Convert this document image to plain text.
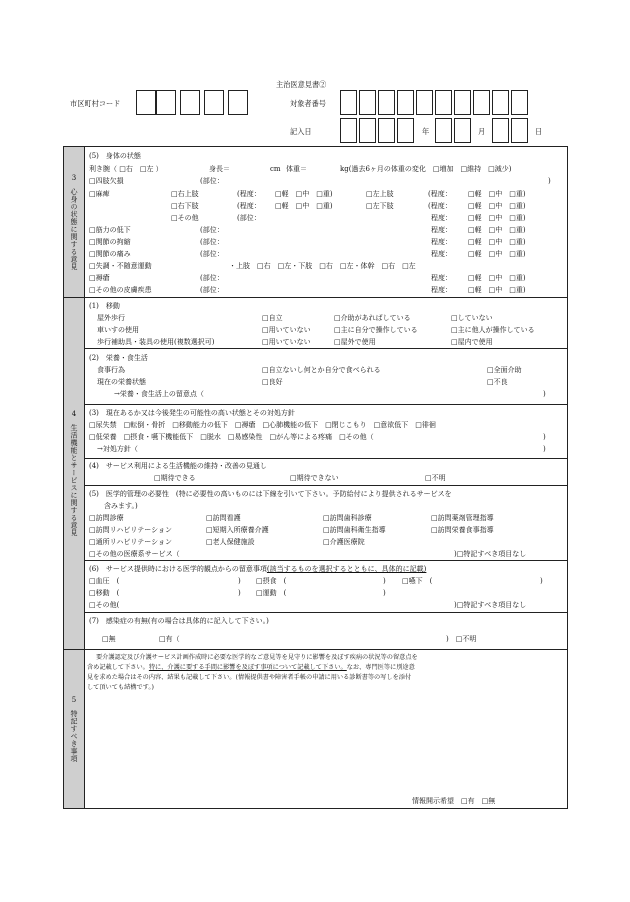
主治医意見書②
市区町村コード	対象者番号
記入日	年	月	日
3
心身の状態に関する意見
4
生活機能とサービスに関する意見
5
特記すべき事項
(5)　身体の状態
利き腕（ □右　□左 ）	身長＝	cm 体重＝	kg(過去6ヶ月の体重の変化　□増加　□維持　□減少)
□四肢欠損	(部位：	)
□麻痺	□右上肢	(程度： □軽　□中　□重)	□左上肢	(程度： □軽　□中　□重)
□右下肢	(程度： □軽　□中　□重)	□左下肢	(程度： □軽　□中　□重)
□その他	(部位：	程度： □軽　□中　□重)
□筋力の低下	(部位：	程度： □軽　□中　□重)
□関節の拘縮	(部位：	程度： □軽　□中　□重)
□関節の痛み	(部位：	程度： □軽　□中　□重)
□失調・不随意運動	・上肢　□右　□左・下肢　□右　□左・体幹　□右　□左
□褥瘡	(部位：	程度： □軽　□中　□重)
□その他の皮膚疾患	(部位：	程度： □軽　□中　□重)
(1)　移動
屋外歩行	□自立	□介助があればしている	□していない
車いすの使用	□用いていない	□主に自分で操作している	□主に他人が操作している
歩行補助具・装具の使用(複数選択可)	□用いていない	□屋外で使用	□屋内で使用
(2)　栄養・食生活
食事行為	□自立ないし何とか自分で食べられる	□全面介助
現在の栄養状態	□良好	□不良
→栄養・食生活上の留意点（	)
(3)　現在あるか又は今後発生の可能性の高い状態とその対処方針
□尿失禁　□転倒・骨折　□移動能力の低下　□褥瘡　□心肺機能の低下　□閉じこもり　□意欲低下　□徘徊
□低栄養　□摂食・嚥下機能低下　□脱水　□易感染性　□がん等による疼痛　□その他（	)
→対処方針（	)
(4)　サービス利用による生活機能の維持・改善の見通し
□期待できる	□期待できない	□不明
(5)　医学的管理の必要性　(特に必要性の高いものには下線を引いて下さい。予防給付により提供されるサービスを
含みます。)
□訪問診療	□訪問看護	□訪問歯科診療	□訪問薬剤管理指導
□訪問リハビリテーション	□短期入所療養介護	□訪問歯科衛生指導	□訪問栄養食事指導
□通所リハビリテーション	□老人保健施設	□介護医療院
□その他の医療系サービス（	)□特記すべき項目なし
(6)　サービス提供時における医学的観点からの留意事項(該当するものを選択するとともに、具体的に記載)
□血圧　(	) □摂食　(	) □嚥下　(	)
□移動　(	) □運動　(	)
□その他(	)□特記すべき項目なし
(7)　感染症の有無(有の場合は具体的に記入して下さい。)
□無	□有（	)　□不明
要介護認定及び介護サービス計画作成時に必要な医学的なご意見等を見守りに影響を及ぼす疾病の状況等の留意点を
含め記載して下さい。特に、介護に要する手間に影響を及ぼす事項について記載して下さい。なお、専門医等に別途意
見を求めた場合はその内容、結果も記載して下さい。(情報提供書や障害者手帳の申請に用いる診断書等の写しを添付
して頂いても結構です。)
情報開示希望　□有　□無
